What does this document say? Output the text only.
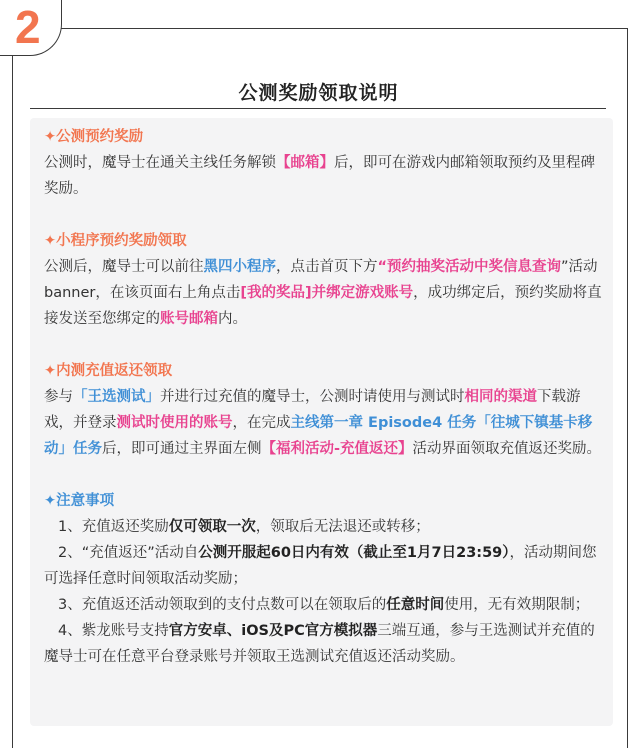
2
公测奖励领取说明

✦公测预约奖励

公测时，魔导士在通关主线任务解锁【邮箱】后，即可在游戏内邮箱领取预约及里程碑奖励。

✦小程序预约奖励领取

公测后，魔导士可以前往黑四小程序，点击首页下方“预约抽奖活动中奖信息查询”活动banner，在该页面右上角点击[我的奖品]并绑定游戏账号，成功绑定后，预约奖励将直接发送至您绑定的账号邮箱内。

✦内测充值返还领取

参与「王选测试」并进行过充值的魔导士，公测时请使用与测试时相同的渠道下载游戏，并登录测试时使用的账号，在完成主线第一章 Episode4 任务「往城下镇基卡移动」任务后，即可通过主界面左侧【福利活动-充值返还】活动界面领取充值返还奖励。

✦注意事项

1、充值返还奖励仅可领取一次，领取后无法退还或转移；

2、“充值返还”活动自公测开服起60日内有效（截止至1月7日23:59），活动期间您可选择任意时间领取活动奖励；

3、充值返还活动领取到的支付点数可以在领取后的任意时间使用，无有效期限制；

4、紫龙账号支持官方安卓、iOS及PC官方模拟器三端互通，参与王选测试并充值的魔导士可在任意平台登录账号并领取王选测试充值返还活动奖励。
